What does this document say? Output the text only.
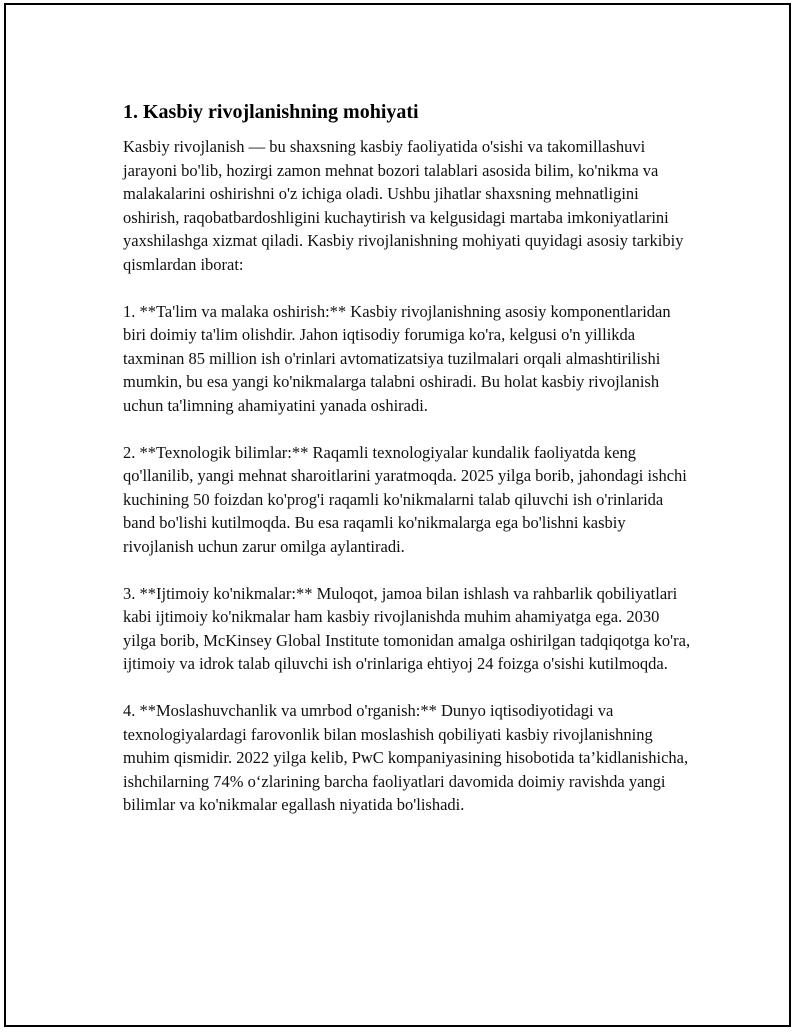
1. Kasbiy rivojlanishning mohiyati

Kasbiy rivojlanish — bu shaxsning kasbiy faoliyatida o'sishi va takomillashuvi jarayoni bo'lib, hozirgi zamon mehnat bozori talablari asosida bilim, ko'nikma va malakalarini oshirishni o'z ichiga oladi. Ushbu jihatlar shaxsning mehnatligini oshirish, raqobatbardoshligini kuchaytirish va kelgusidagi martaba imkoniyatlarini yaxshilashga xizmat qiladi. Kasbiy rivojlanishning mohiyati quyidagi asosiy tarkibiy qismlardan iborat:

1. **Ta'lim va malaka oshirish:** Kasbiy rivojlanishning asosiy komponentlaridan biri doimiy ta'lim olishdir. Jahon iqtisodiy forumiga ko'ra, kelgusi o'n yillikda taxminan 85 million ish o'rinlari avtomatizatsiya tuzilmalari orqali almashtirilishi mumkin, bu esa yangi ko'nikmalarga talabni oshiradi. Bu holat kasbiy rivojlanish uchun ta'limning ahamiyatini yanada oshiradi.

2. **Texnologik bilimlar:** Raqamli texnologiyalar kundalik faoliyatda keng qo'llanilib, yangi mehnat sharoitlarini yaratmoqda. 2025 yilga borib, jahondagi ishchi kuchining 50 foizdan ko'prog'i raqamli ko'nikmalarni talab qiluvchi ish o'rinlarida band bo'lishi kutilmoqda. Bu esa raqamli ko'nikmalarga ega bo'lishni kasbiy rivojlanish uchun zarur omilga aylantiradi.

3. **Ijtimoiy ko'nikmalar:** Muloqot, jamoa bilan ishlash va rahbarlik qobiliyatlari kabi ijtimoiy ko'nikmalar ham kasbiy rivojlanishda muhim ahamiyatga ega. 2030 yilga borib, McKinsey Global Institute tomonidan amalga oshirilgan tadqiqotga ko'ra, ijtimoiy va idrok talab qiluvchi ish o'rinlariga ehtiyoj 24 foizga o'sishi kutilmoqda.

4. **Moslashuvchanlik va umrbod o'rganish:** Dunyo iqtisodiyotidagi va texnologiyalardagi farovonlik bilan moslashish qobiliyati kasbiy rivojlanishning muhim qismidir. 2022 yilga kelib, PwC kompaniyasining hisobotida ta’kidlanishicha, ishchilarning 74% o‘zlarining barcha faoliyatlari davomida doimiy ravishda yangi bilimlar va ko'nikmalar egallash niyatida bo'lishadi.
